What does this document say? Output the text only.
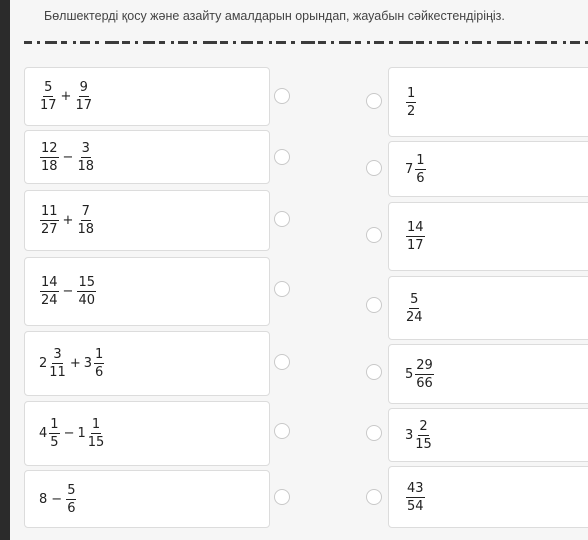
Бөлшектерді қосу және азайту амалдарын орындап, жауабын сәйкестендіріңіз.
$\frac{5}{17} + \frac{9}{17}$
$\frac{12}{18} - \frac{3}{18}$
$\frac{11}{27} + \frac{7}{18}$
$\frac{14}{24} - \frac{15}{40}$
$2 \frac{3}{11} + 3 \frac{1}{6}$
$4 \frac{1}{5} - 1 \frac{1}{15}$
$8 - \frac{5}{6}$
$\frac{1}{2}$
$7 \frac{1}{6}$
$\frac{14}{17}$
$\frac{5}{24}$
$5 \frac{29}{66}$
$3 \frac{2}{15}$
$\frac{43}{54}$
